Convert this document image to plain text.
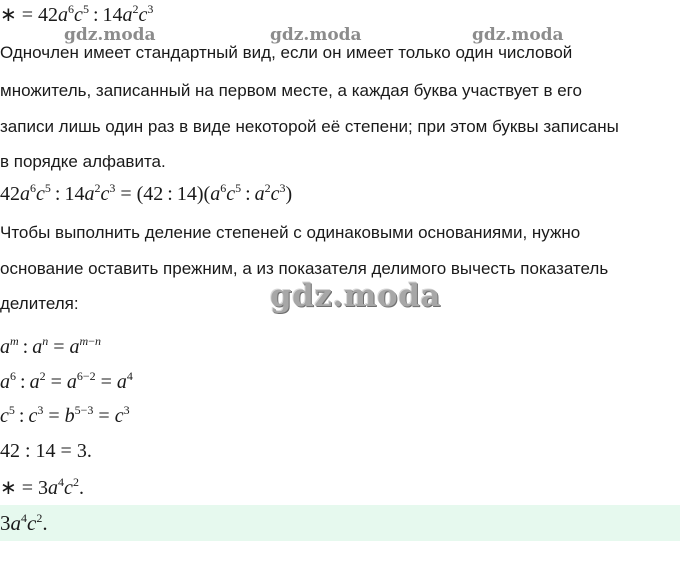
gdz.moda	gdz.moda	gdz.moda
gdz.moda
∗ = $42a^6c^5$ : $14a^2c^3$
Одночлен имеет стандартный вид, если он имеет только один числовой
множитель, записанный на первом месте, а каждая буква участвует в его
записи лишь один раз в виде некоторой её степени; при этом буквы записаны
в порядке алфавита.
$42a^6c^5$ : $14a^2c^3 = (42$ : $14)(a^6c^5$ : $a^2c^3$)
Чтобы выполнить деление степеней с одинаковыми основаниями, нужно
основание оставить прежним, а из показателя делимого вычесть показатель
делителя:
$a^m$ : $a^n = a^{m-n}$
$a^6$ : $a^2 = a^{6-2} = a^4$
$c^5$ : $c^3 = b^{5-3} = c^3$
42 : 14 = 3.
∗ = $3a^4c^2$.
$3a^4c^2$.
